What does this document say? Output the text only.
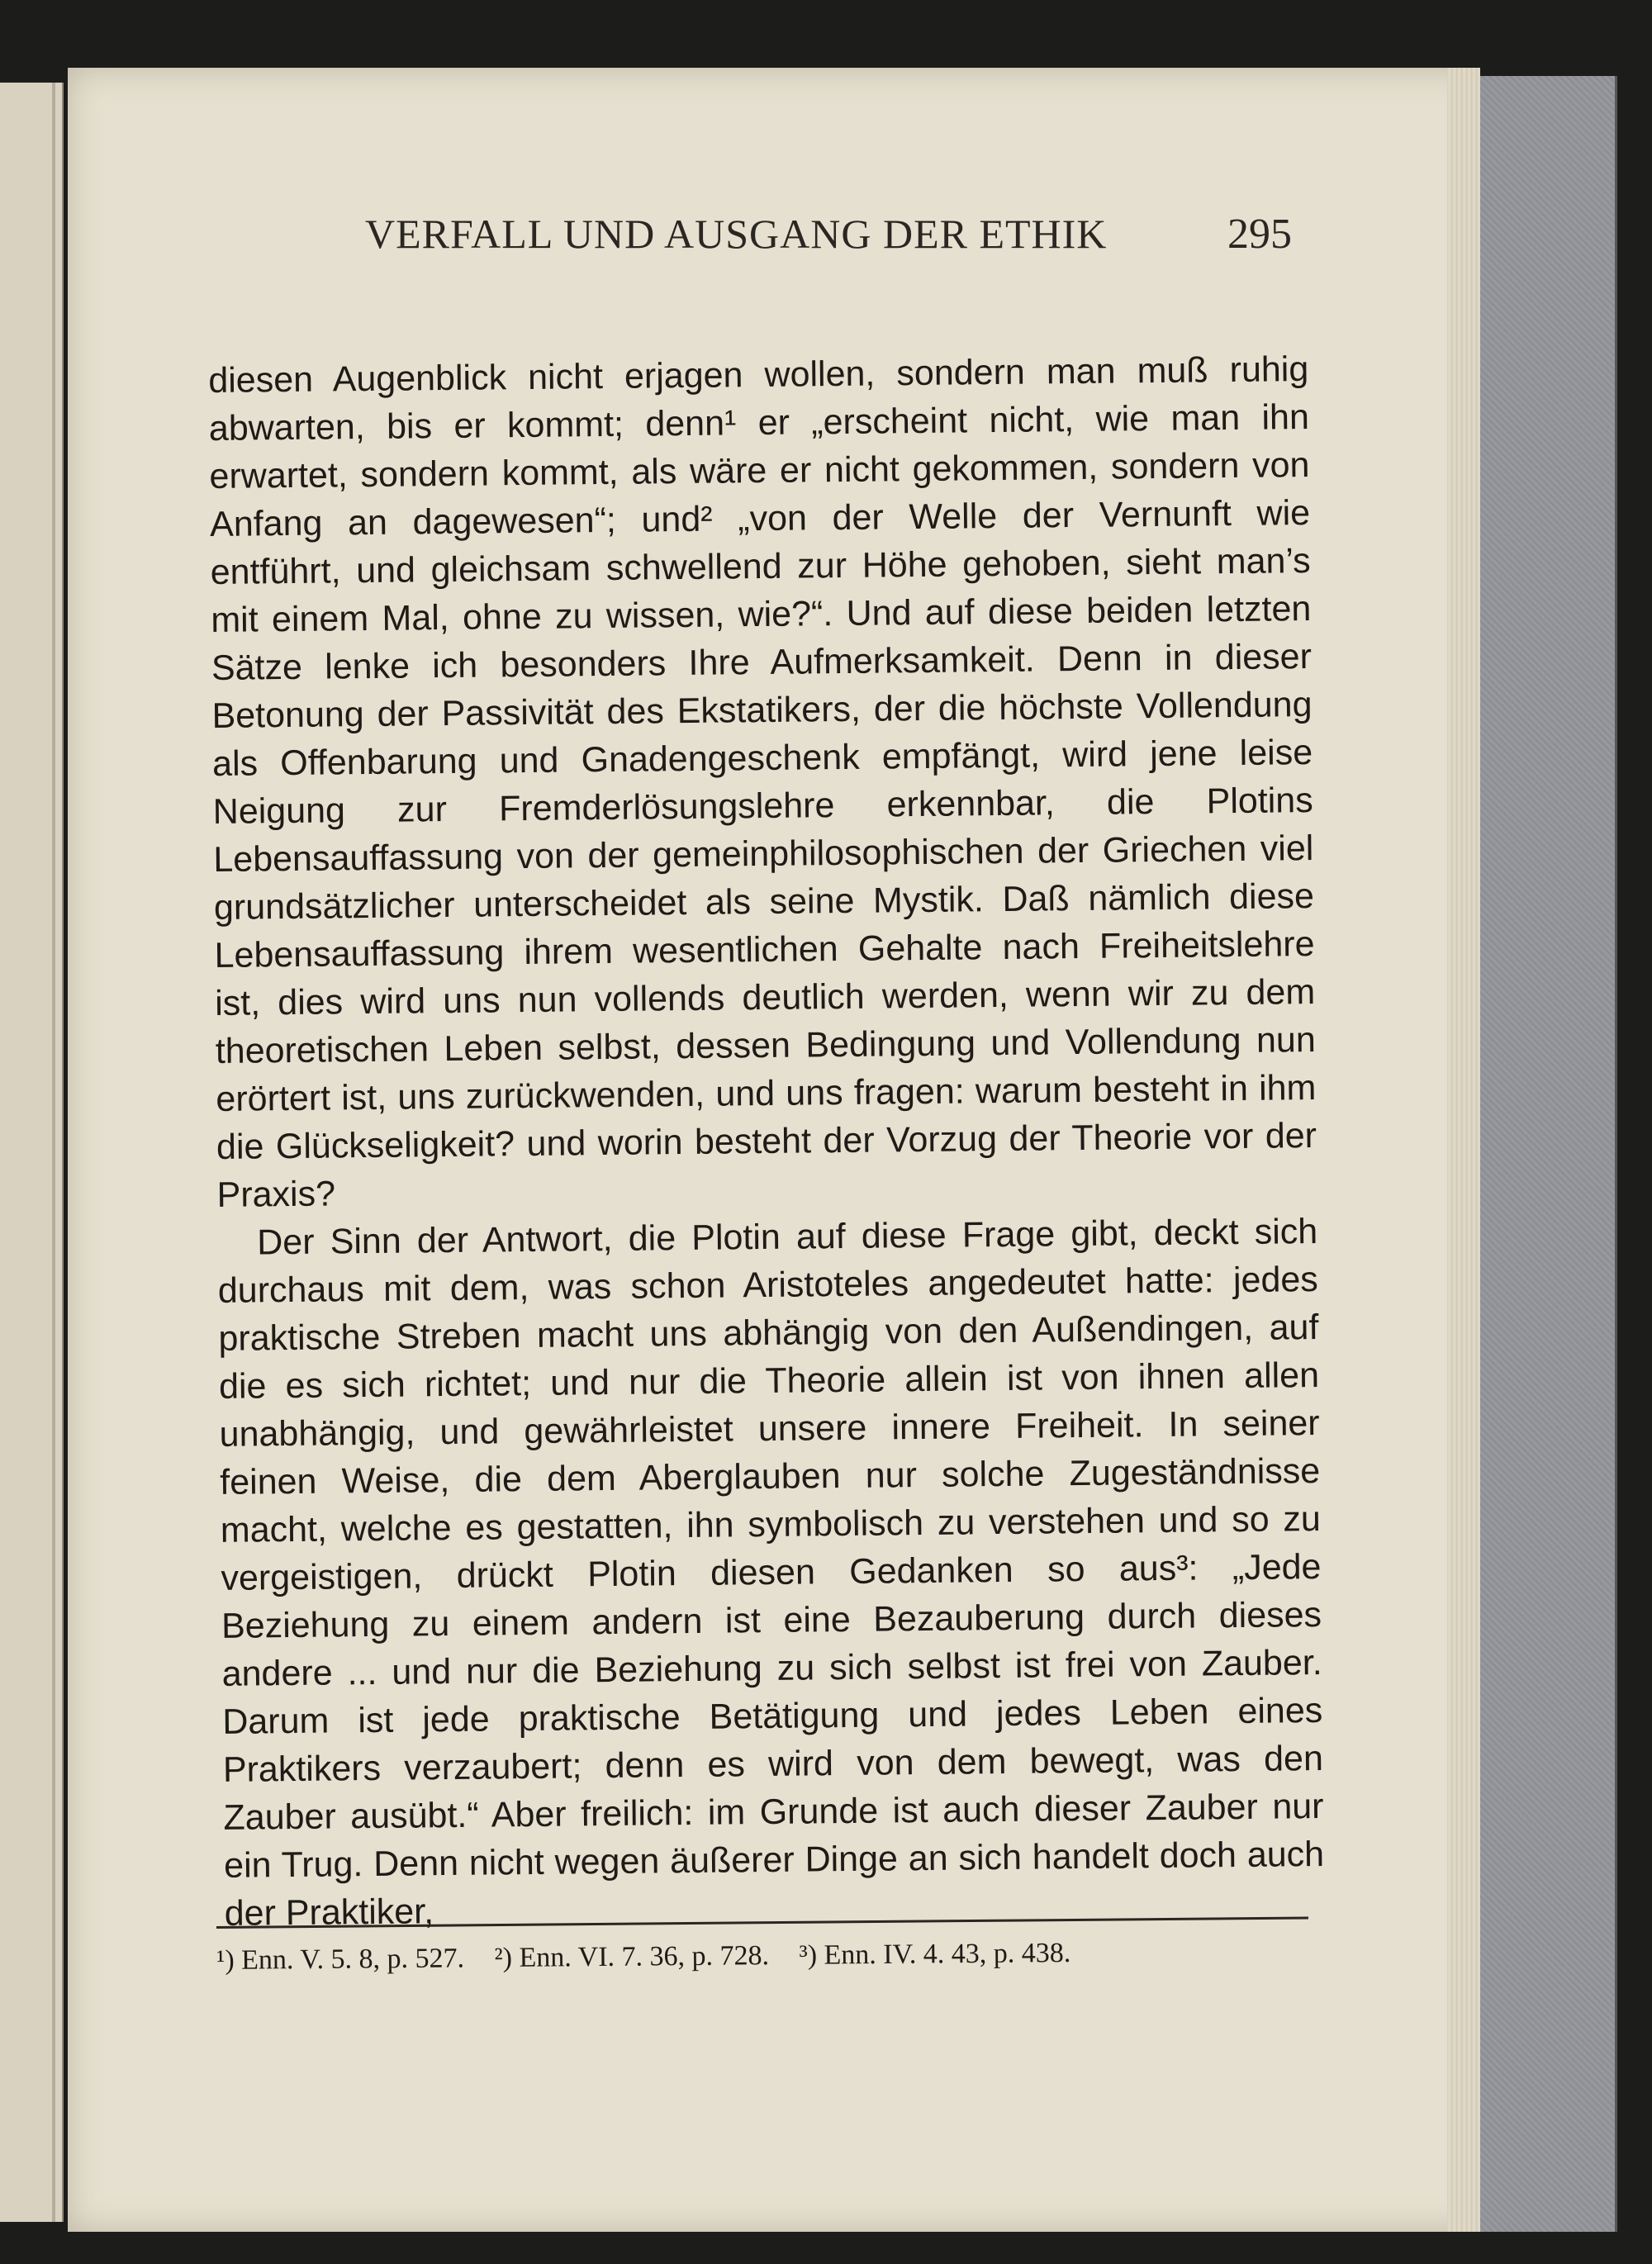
VERFALL UND AUSGANG DER ETHIK	295

diesen Augenblick nicht erjagen wollen, sondern man muß ruhig abwarten, bis er kommt; denn¹ er „erscheint nicht, wie man ihn erwartet, sondern kommt, als wäre er nicht gekommen, sondern von Anfang an dagewesen“; und² „von der Welle der Vernunft wie entführt, und gleichsam schwellend zur Höhe gehoben, sieht man’s mit einem Mal, ohne zu wissen, wie?“. Und auf diese beiden letzten Sätze lenke ich besonders Ihre Aufmerksamkeit. Denn in dieser Betonung der Passivität des Ekstatikers, der die höchste Vollendung als Offenbarung und Gnadengeschenk empfängt, wird jene leise Neigung zur Fremderlösungslehre erkennbar, die Plotins Lebensauffassung von der gemeinphilosophischen der Griechen viel grundsätzlicher unterscheidet als seine Mystik. Daß nämlich diese Lebensauffassung ihrem wesentlichen Gehalte nach Freiheitslehre ist, dies wird uns nun vollends deutlich werden, wenn wir zu dem theoretischen Leben selbst, dessen Bedingung und Vollendung nun erörtert ist, uns zurückwenden, und uns fragen: warum besteht in ihm die Glückseligkeit? und worin besteht der Vorzug der Theorie vor der Praxis?

Der Sinn der Antwort, die Plotin auf diese Frage gibt, deckt sich durchaus mit dem, was schon Aristoteles angedeutet hatte: jedes praktische Streben macht uns abhängig von den Außendingen, auf die es sich richtet; und nur die Theorie allein ist von ihnen allen unabhängig, und gewährleistet unsere innere Freiheit. In seiner feinen Weise, die dem Aberglauben nur solche Zugeständnisse macht, welche es gestatten, ihn symbolisch zu verstehen und so zu vergeistigen, drückt Plotin diesen Gedanken so aus³: „Jede Beziehung zu einem andern ist eine Bezauberung durch dieses andere ... und nur die Beziehung zu sich selbst ist frei von Zauber. Darum ist jede praktische Betätigung und jedes Leben eines Praktikers verzaubert; denn es wird von dem bewegt, was den Zauber ausübt.“ Aber freilich: im Grunde ist auch dieser Zauber nur ein Trug. Denn nicht wegen äußerer Dinge an sich handelt doch auch der Praktiker,

¹) Enn. V. 5. 8, p. 527. ²) Enn. VI. 7. 36, p. 728. ³) Enn. IV. 4. 43, p. 438.
